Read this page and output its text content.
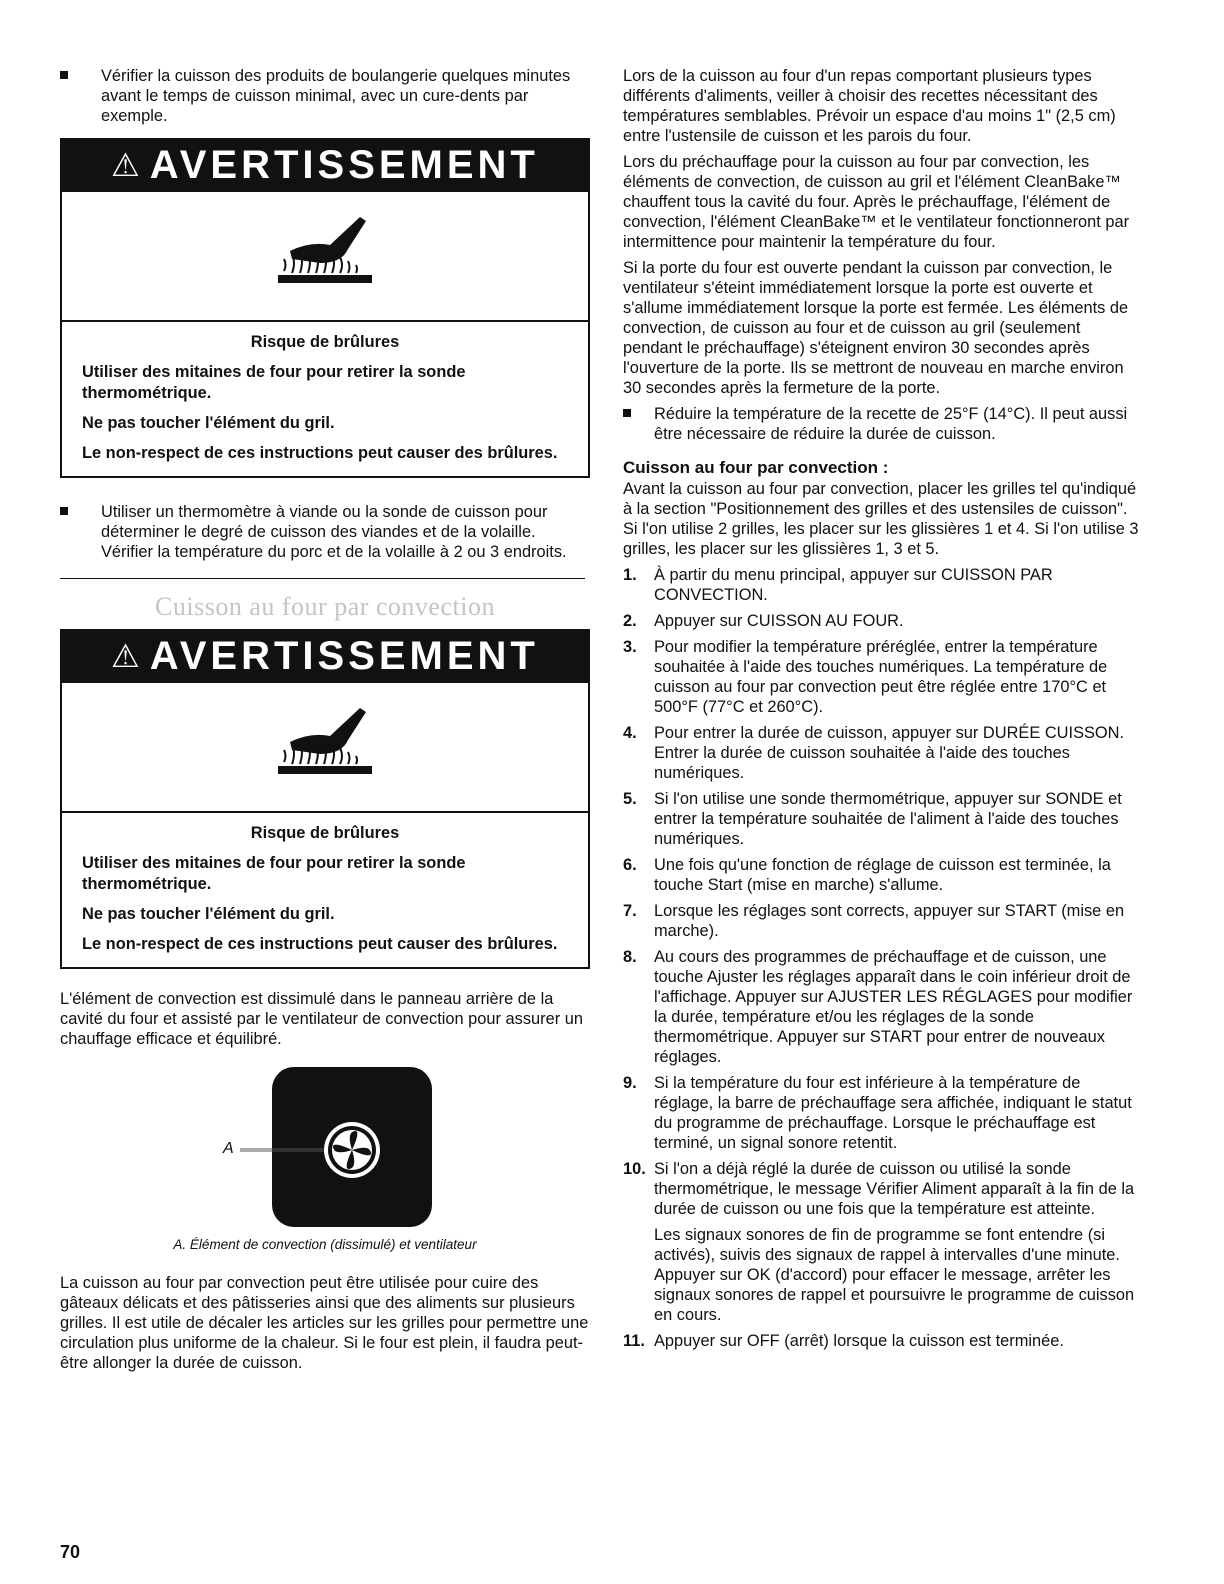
Vérifier la cuisson des produits de boulangerie quelques minutes avant le temps de cuisson minimal, avec un cure-dents par exemple.
⚠ AVERTISSEMENT
Risque de brûlures

Utiliser des mitaines de four pour retirer la sonde thermométrique.

Ne pas toucher l'élément du gril.

Le non-respect de ces instructions peut causer des brûlures.

Utiliser un thermomètre à viande ou la sonde de cuisson pour déterminer le degré de cuisson des viandes et de la volaille. Vérifier la température du porc et de la volaille à 2 ou 3 endroits.
Cuisson au four par convection
⚠ AVERTISSEMENT
Risque de brûlures

Utiliser des mitaines de four pour retirer la sonde thermométrique.

Ne pas toucher l'élément du gril.

Le non-respect de ces instructions peut causer des brûlures.

L'élément de convection est dissimulé dans le panneau arrière de la cavité du four et assisté par le ventilateur de convection pour assurer un chauffage efficace et équilibré.

A
A. Élément de convection (dissimulé) et ventilateur

La cuisson au four par convection peut être utilisée pour cuire des gâteaux délicats et des pâtisseries ainsi que des aliments sur plusieurs grilles. Il est utile de décaler les articles sur les grilles pour permettre une circulation plus uniforme de la chaleur. Si le four est plein, il faudra peut-être allonger la durée de cuisson.

Lors de la cuisson au four d'un repas comportant plusieurs types différents d'aliments, veiller à choisir des recettes nécessitant des températures semblables. Prévoir un espace d'au moins 1" (2,5 cm) entre l'ustensile de cuisson et les parois du four.

Lors du préchauffage pour la cuisson au four par convection, les éléments de convection, de cuisson au gril et l'élément CleanBake™ chauffent tous la cavité du four. Après le préchauffage, l'élément de convection, l'élément CleanBake™ et le ventilateur fonctionneront par intermittence pour maintenir la température du four.

Si la porte du four est ouverte pendant la cuisson par convection, le ventilateur s'éteint immédiatement lorsque la porte est ouverte et s'allume immédiatement lorsque la porte est fermée. Les éléments de convection, de cuisson au four et de cuisson au gril (seulement pendant le préchauffage) s'éteignent environ 30 secondes après l'ouverture de la porte. Ils se mettront de nouveau en marche environ 30 secondes après la fermeture de la porte.

Réduire la température de la recette de 25°F (14°C). Il peut aussi être nécessaire de réduire la durée de cuisson.
Cuisson au four par convection :

Avant la cuisson au four par convection, placer les grilles tel qu'indiqué à la section "Positionnement des grilles et des ustensiles de cuisson". Si l'on utilise 2 grilles, les placer sur les glissières 1 et 4. Si l'on utilise 3 grilles, les placer sur les glissières 1, 3 et 5.

1. À partir du menu principal, appuyer sur CUISSON PAR CONVECTION.
2. Appuyer sur CUISSON AU FOUR.
3. Pour modifier la température préréglée, entrer la température souhaitée à l'aide des touches numériques. La température de cuisson au four par convection peut être réglée entre 170°C et 500°F (77°C et 260°C).
4. Pour entrer la durée de cuisson, appuyer sur DURÉE CUISSON. Entrer la durée de cuisson souhaitée à l'aide des touches numériques.
5. Si l'on utilise une sonde thermométrique, appuyer sur SONDE et entrer la température souhaitée de l'aliment à l'aide des touches numériques.
6. Une fois qu'une fonction de réglage de cuisson est terminée, la touche Start (mise en marche) s'allume.
7. Lorsque les réglages sont corrects, appuyer sur START (mise en marche).
8. Au cours des programmes de préchauffage et de cuisson, une touche Ajuster les réglages apparaît dans le coin inférieur droit de l'affichage. Appuyer sur AJUSTER LES RÉGLAGES pour modifier la durée, température et/ou les réglages de la sonde thermométrique. Appuyer sur START pour entrer de nouveaux réglages.
9. Si la température du four est inférieure à la température de réglage, la barre de préchauffage sera affichée, indiquant le statut du programme de préchauffage. Lorsque le préchauffage est terminé, un signal sonore retentit.
10. Si l'on a déjà réglé la durée de cuisson ou utilisé la sonde thermométrique, le message Vérifier Aliment apparaît à la fin de la durée de cuisson ou une fois que la température est atteinte.
Les signaux sonores de fin de programme se font entendre (si activés), suivis des signaux de rappel à intervalles d'une minute. Appuyer sur OK (d'accord) pour effacer le message, arrêter les signaux sonores de rappel et poursuivre le programme de cuisson en cours.
11. Appuyer sur OFF (arrêt) lorsque la cuisson est terminée.
70
